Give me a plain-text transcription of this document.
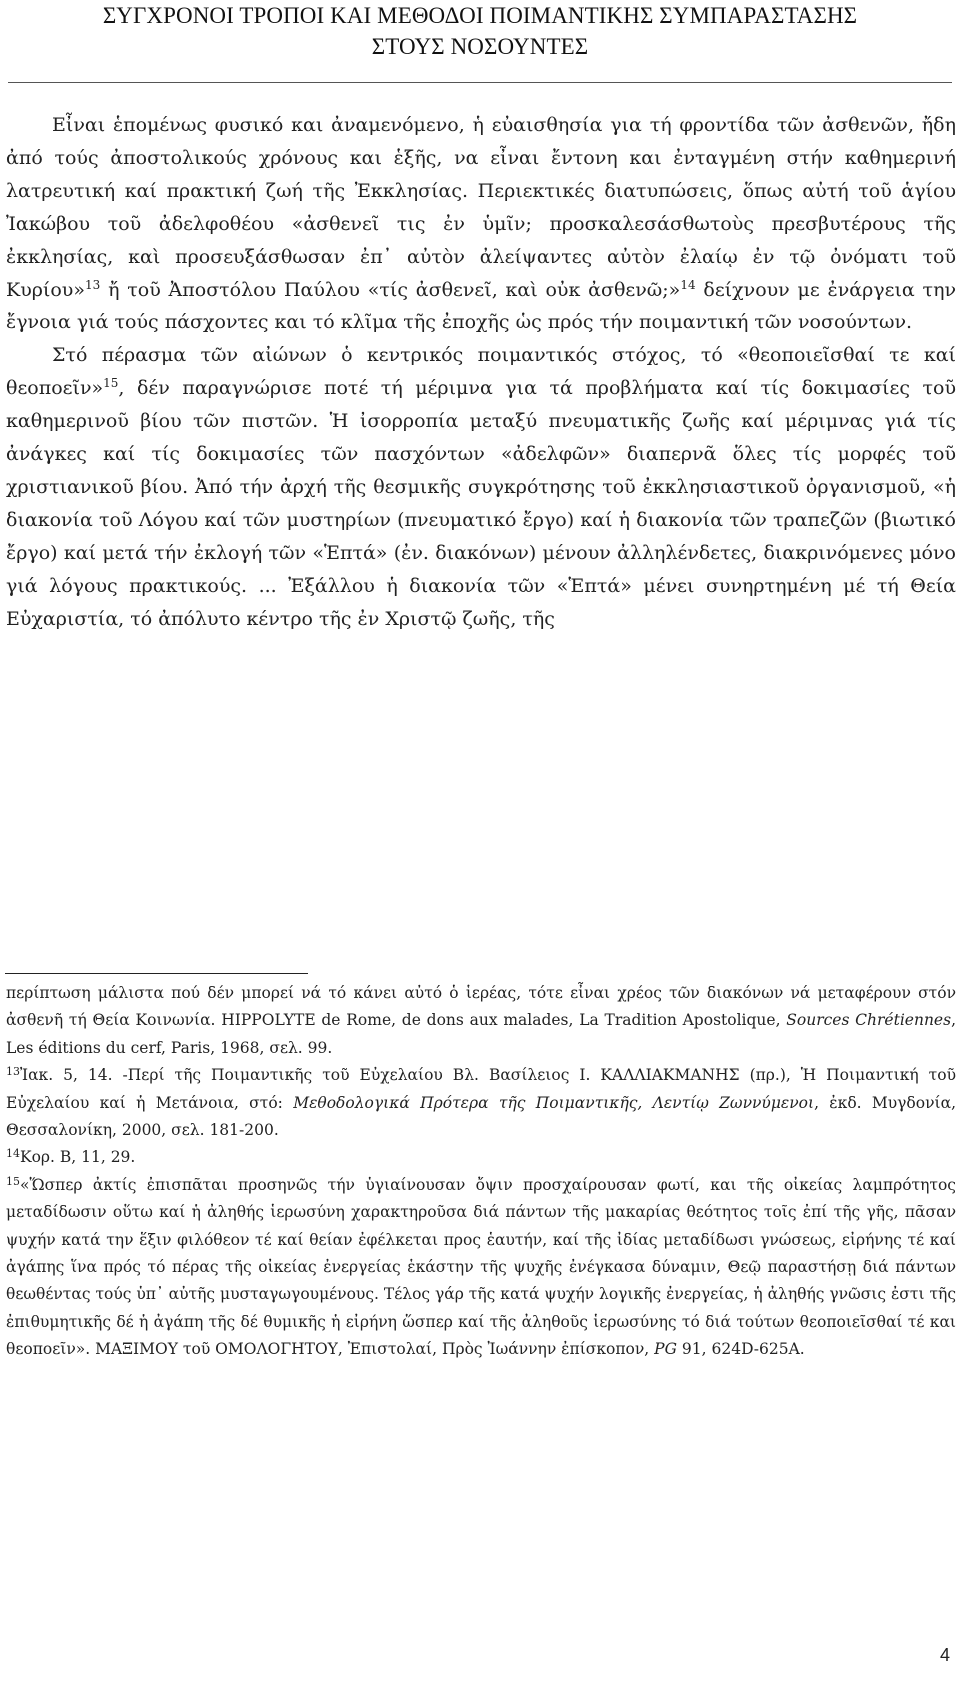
ΣΥΓΧΡΟΝΟΙ ΤΡΟΠΟΙ ΚΑΙ ΜΕΘΟΔΟΙ ΠΟΙΜΑΝΤΙΚΗΣ ΣΥΜΠΑΡΑΣΤΑΣΗΣ
ΣΤΟΥΣ ΝΟΣΟΥΝΤΕΣ

Εἶναι ἑπομένως φυσικό και ἀναμενόμενο, ἡ εὐαισθησία για τή φροντίδα τῶν ἀσθενῶν, ἤδη ἀπό τούς ἀποστολικούς χρόνους και ἑξῆς, να εἶναι ἔντονη και ἐνταγμένη στήν καθημερινή λατρευτική καί πρακτική ζωή τῆς Ἐκκλησίας. Περιεκτικές διατυπώσεις, ὅπως αὐτή τοῦ ἁγίου Ἰακώβου τοῦ ἀδελφοθέου «ἀσθενεῖ τις ἐν ὑμῖν; προσκαλεσάσθωτοὺς πρεσβυτέρους τῆς ἐκκλησίας, καὶ προσευξάσθωσαν ἐπ᾽ αὐτὸν ἀλείψαντες αὐτὸν ἐλαίῳ ἐν τῷ ὀνόματι τοῦ Κυρίου»$^{13}$ ἤ τοῦ Ἀποστόλου Παύλου «τίς ἀσθενεῖ, καὶ οὐκ ἀσθενῶ;»$^{14}$ δείχνουν με ἐνάργεια την ἔγνοια γιά τούς πάσχοντες και τό κλῖμα τῆς ἐποχῆς ὡς πρός τήν ποιμαντική τῶν νοσούντων.

Στό πέρασμα τῶν αἰώνων ὁ κεντρικός ποιμαντικός στόχος, τό «θεοποιεῖσθαί τε καί θεοποεῖν»$^{15}$, δέν παραγνώρισε ποτέ τή μέριμνα για τά προβλήματα καί τίς δοκιμασίες τοῦ καθημερινοῦ βίου τῶν πιστῶν. Ἡ ἰσορροπία μεταξύ πνευματικῆς ζωῆς καί μέριμνας γιά τίς ἀνάγκες καί τίς δοκιμασίες τῶν πασχόντων «ἀδελφῶν» διαπερνᾶ ὅλες τίς μορφές τοῦ χριστιανικοῦ βίου. Ἀπό τήν ἀρχή τῆς θεσμικῆς συγκρότησης τοῦ ἐκκλησιαστικοῦ ὀργανισμοῦ, «ἡ διακονία τοῦ Λόγου καί τῶν μυστηρίων (πνευματικό ἔργο) καί ἡ διακονία τῶν τραπεζῶν (βιωτικό ἔργο) καί μετά τήν ἐκλογή τῶν «Ἑπτά» (ἐν. διακόνων) μένουν ἀλληλένδετες, διακρινόμενες μόνο γιά λόγους πρακτικούς. ... Ἐξάλλου ἡ διακονία τῶν «Ἑπτά» μένει συνηρτημένη μέ τή Θεία Εὐχαριστία, τό ἀπόλυτο κέντρο τῆς ἐν Χριστῷ ζωῆς, τῆς

περίπτωση μάλιστα πού δέν μπορεί νά τό κάνει αὐτό ὁ ἱερέας, τότε εἶναι χρέος τῶν διακόνων νά μεταφέρουν στόν ἀσθενῆ τή Θεία Κοινωνία. HIPPOLYTE de Rome, de dons aux malades, La Tradition Apostolique, Sources Chrétiennes, Les éditions du cerf, Paris, 1968, σελ. 99.

$^{13}$Ἰακ. 5, 14. -Περί τῆς Ποιμαντικῆς τοῦ Εὐχελαίου Βλ. Βασίλειος Ι. ΚΑΛΛΙΑΚΜΑΝΗΣ (πρ.), Ἡ Ποιμαντική τοῦ Εὐχελαίου καί ἡ Μετάνοια, στό: Μεθοδολογικά Πρότερα τῆς Ποιμαντικῆς, Λεντίῳ Ζωννύμενοι, ἐκδ. Μυγδονία, Θεσσαλονίκη, 2000, σελ. 181-200.

$^{14}$Κορ. Β, 11, 29.

$^{15}$«Ὥσπερ ἀκτίς ἐπισπᾶται προσηνῶς τήν ὑγιαίνουσαν ὄψιν προσχαίρουσαν φωτί, και τῆς οἰκείας λαμπρότητος μεταδίδωσιν οὕτω καί ἡ ἀληθής ἱερωσύνη χαρακτηροῦσα διά πάντων τῆς μακαρίας θεότητος τοῖς ἐπί τῆς γῆς, πᾶσαν ψυχήν κατά την ἕξιν φιλόθεον τέ καί θείαν ἐφέλκεται προς ἑαυτήν, καί τῆς ἰδίας μεταδίδωσι γνώσεως, εἰρήνης τέ καί ἀγάπης ἵνα πρός τό πέρας τῆς οἰκείας ἐνεργείας ἑκάστην τῆς ψυχῆς ἐνέγκασα δύναμιν, Θεῷ παραστήσῃ διά πάντων θεωθέντας τούς ὑπ᾽ αὐτῆς μυσταγωγουμένους. Τέλος γάρ τῆς κατά ψυχήν λογικῆς ἐνεργείας, ἡ ἀληθής γνῶσις ἐστι τῆς ἐπιθυμητικῆς δέ ἡ ἀγάπη τῆς δέ θυμικῆς ἡ εἰρήνη ὥσπερ καί τῆς ἀληθοῦς ἱερωσύνης τό διά τούτων θεοποιεῖσθαί τέ και θεοποεῖν». ΜΑΞΙΜΟΥ τοῦ ΟΜΟΛΟΓΗΤΟΥ, Ἐπιστολαί, Πρὸς Ἰωάννην ἐπίσκοπον, PG 91, 624D-625A.

4
